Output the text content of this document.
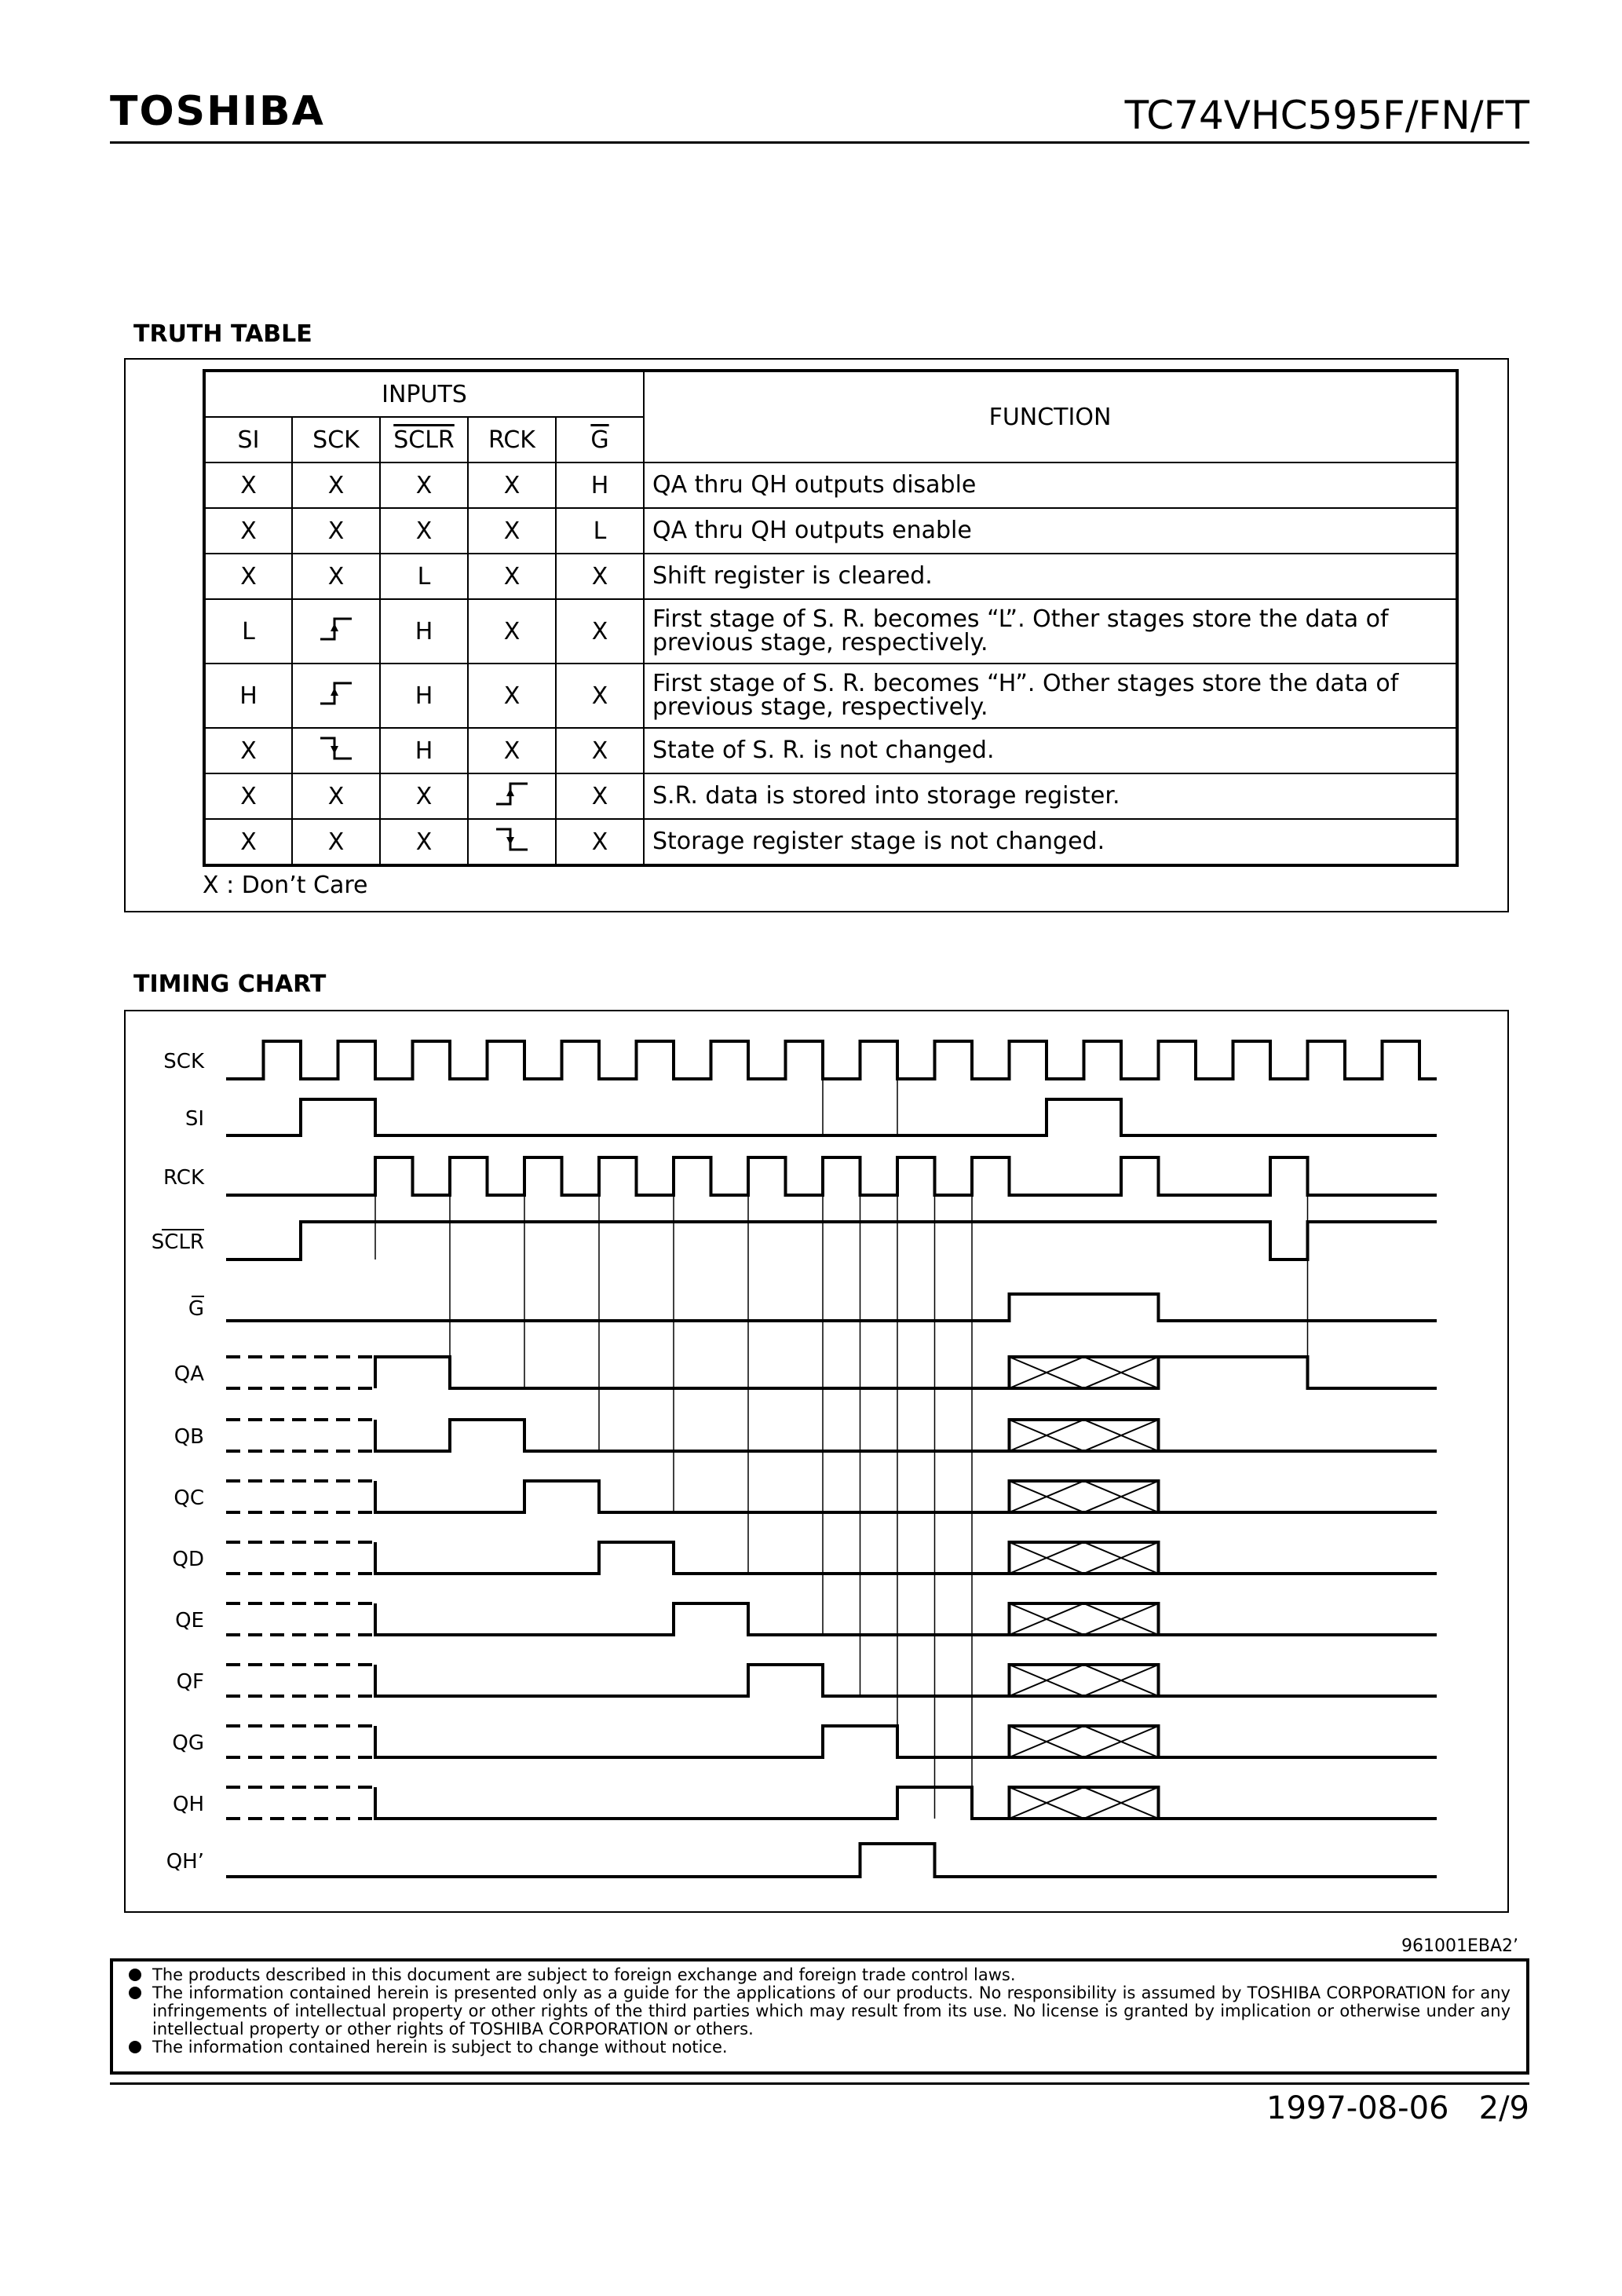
TOSHIBA	TC74VHC595F/FN/FT
TRUTH TABLE
INPUTS					FUNCTION
SI	SCK	SCLR	RCK	$\overline{G}$
X	X	X	X	H	QA thru QH outputs disable
X	X	X	X	L	QA thru QH outputs enable
X	X	L	X	X	Shift register is cleared.
L		H	X	X	First stage of S. R. becomes “L”. Other stages store the data of previous stage, respectively.
H		H	X	X	First stage of S. R. becomes “H”. Other stages store the data of previous stage, respectively.
X		H	X	X	State of S. R. is not changed.
X	X	X		X	S.R. data is stored into storage register.
X	X	X		X	Storage register stage is not changed.
X : Don’t Care
TIMING CHART
SCK
SI
RCK
SCLR
G
QA
QB
QC
QD
QE
QF
QG
QH
QH’
961001EBA2’
The products described in this document are subject to foreign exchange and foreign trade control laws.
The information contained herein is presented only as a guide for the applications of our products. No responsibility is assumed by TOSHIBA CORPORATION for any infringements of intellectual property or other rights of the third parties which may result from its use. No license is granted by implication or otherwise under any intellectual property or other rights of TOSHIBA CORPORATION or others.
The information contained herein is subject to change without notice.
1997-08-06 2/9
